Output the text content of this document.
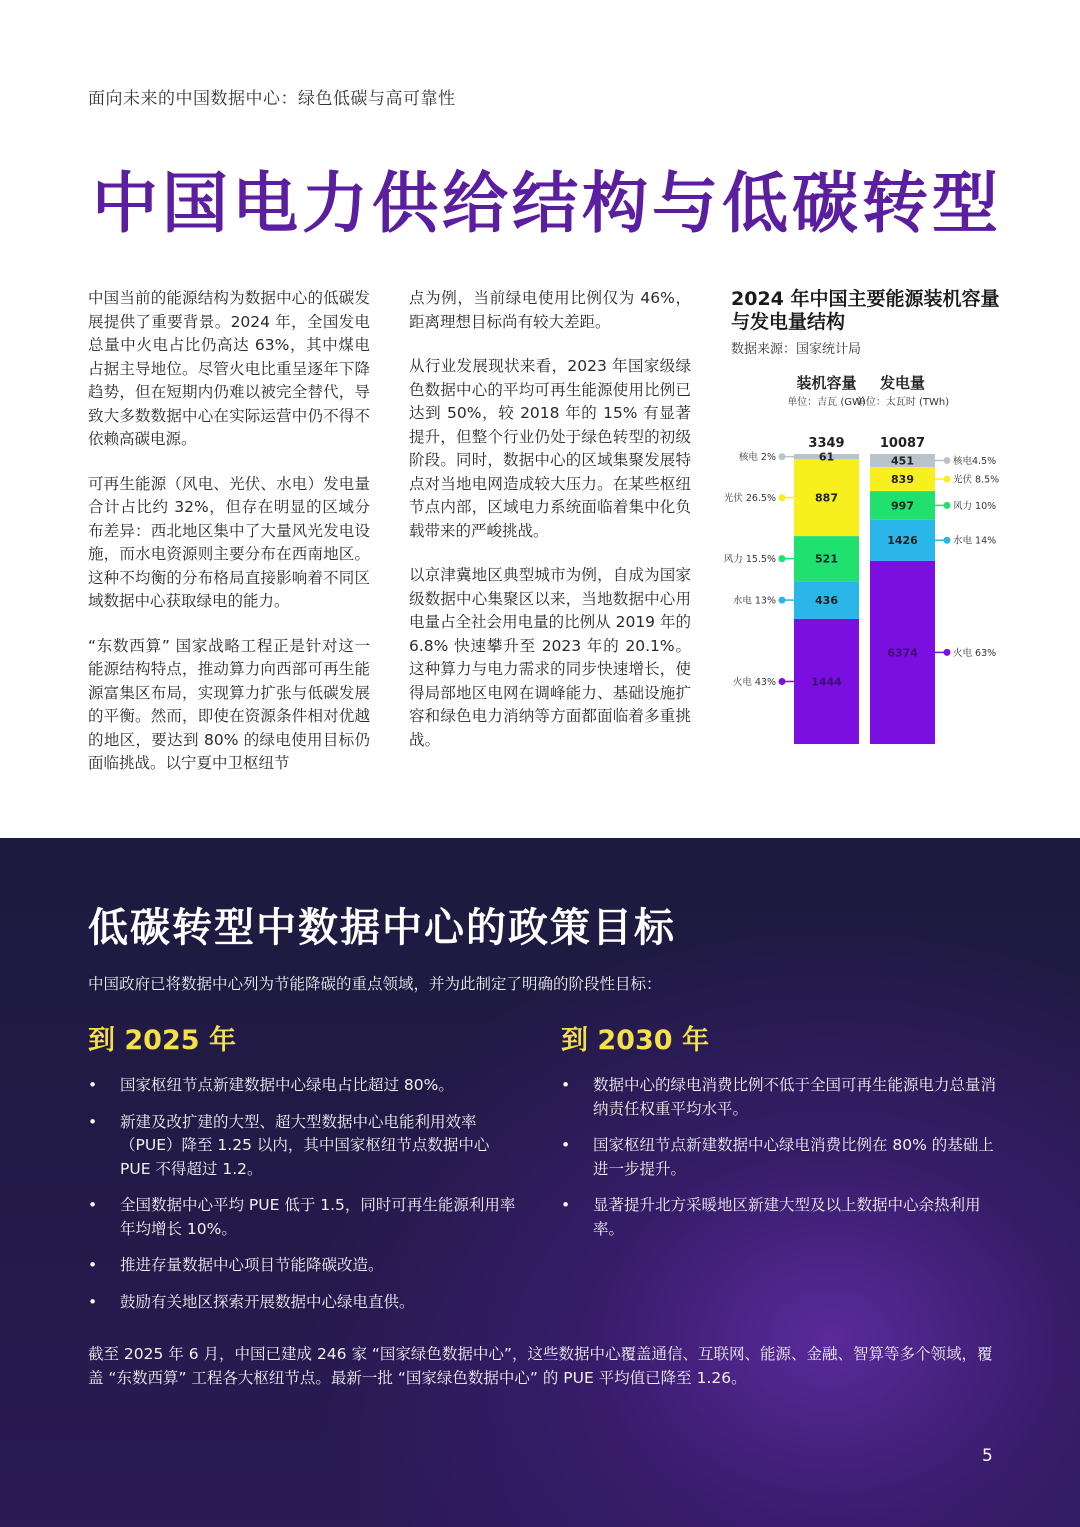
面向未来的中国数据中心：绿色低碳与高可靠性
中国电力供给结构与低碳转型

中国当前的能源结构为数据中心的低碳发展提供了重要背景。2024 年，全国发电总量中火电占比仍高达 63%，其中煤电占据主导地位。尽管火电比重呈逐年下降趋势，但在短期内仍难以被完全替代，导致大多数数据中心在实际运营中仍不得不依赖高碳电源。

可再生能源（风电、光伏、水电）发电量合计占比约 32%，但存在明显的区域分布差异：西北地区集中了大量风光发电设施，而水电资源则主要分布在西南地区。这种不均衡的分布格局直接影响着不同区域数据中心获取绿电的能力。

“东数西算” 国家战略工程正是针对这一能源结构特点，推动算力向西部可再生能源富集区布局，实现算力扩张与低碳发展的平衡。然而，即使在资源条件相对优越的地区，要达到 80% 的绿电使用目标仍面临挑战。以宁夏中卫枢纽节

点为例，当前绿电使用比例仅为 46%，距离理想目标尚有较大差距。

从行业发展现状来看，2023 年国家级绿色数据中心的平均可再生能源使用比例已达到 50%，较 2018 年的 15% 有显著提升，但整个行业仍处于绿色转型的初级阶段。同时，数据中心的区域集聚发展特点对当地电网造成较大压力。在某些枢纽节点内部，区域电力系统面临着集中化负载带来的严峻挑战。

以京津冀地区典型城市为例，自成为国家级数据中心集聚区以来，当地数据中心用电量占全社会用电量的比例从 2019 年的 6.8% 快速攀升至 2023 年的 20.1%。这种算力与电力需求的同步快速增长，使得局部地区电网在调峰能力、基础设施扩容和绿色电力消纳等方面都面临着多重挑战。

2024 年中国主要能源装机容量与发电量结构
数据来源：国家统计局
装机容量
单位：吉瓦 (GW)
3349
1444
火电 43%
436
水电 13%
521
风力 15.5%
887
光伏 26.5%
61
核电 2%
发电量
单位：太瓦时 (TWh)
10087
6374	火电 63%
1426	水电 14%
997	风力 10%
839	光伏 8.5%
451	核电4.5%
低碳转型中数据中心的政策目标
中国政府已将数据中心列为节能降碳的重点领域，并为此制定了明确的阶段性目标：
到 2025 年	到 2030 年
• 国家枢纽节点新建数据中心绿电占比超过 80%。
• 新建及改扩建的大型、超大型数据中心电能利用效率（PUE）降至 1.25 以内，其中国家枢纽节点数据中心 PUE 不得超过 1.2。
• 全国数据中心平均 PUE 低于 1.5，同时可再生能源利用率年均增长 10%。
• 推进存量数据中心项目节能降碳改造。
• 鼓励有关地区探索开展数据中心绿电直供。
• 数据中心的绿电消费比例不低于全国可再生能源电力总量消纳责任权重平均水平。
• 国家枢纽节点新建数据中心绿电消费比例在 80% 的基础上进一步提升。
• 显著提升北方采暖地区新建大型及以上数据中心余热利用率。
截至 2025 年 6 月，中国已建成 246 家 “国家绿色数据中心”，这些数据中心覆盖通信、互联网、能源、金融、智算等多个领域，覆盖 “东数西算” 工程各大枢纽节点。最新一批 “国家绿色数据中心” 的 PUE 平均值已降至 1.26。
5
